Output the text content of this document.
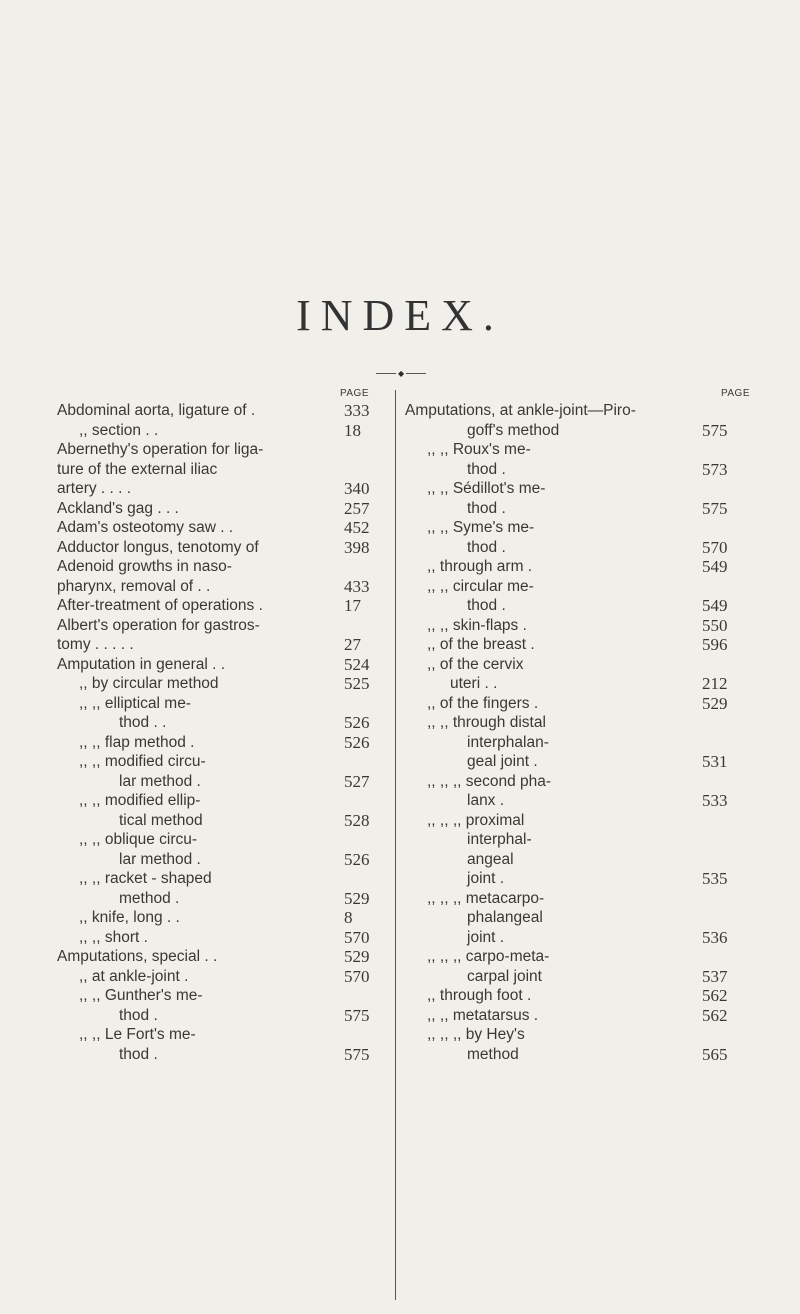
INDEX.
◆
PAGE
Abdominal aorta, ligature of .	333
,, section . .	18
Abernethy's operation for liga-
ture of the external iliac
artery . . . .	340
Ackland's gag . . .	257
Adam's osteotomy saw . .	452
Adductor longus, tenotomy of	398
Adenoid growths in naso-
pharynx, removal of . .	433
After-treatment of operations .	17
Albert's operation for gastros-
tomy . . . . .	27
Amputation in general . .	524
,, by circular method	525
,, ,, elliptical me-
thod . .	526
,, ,, flap method .	526
,, ,, modified circu-
lar method .	527
,, ,, modified ellip-
tical method	528
,, ,, oblique circu-
lar method .	526
,, ,, racket - shaped
method .	529
,, knife, long . .	8
,, ,, short .	570
Amputations, special . .	529
,, at ankle-joint .	570
,, ,, Gunther's me-
thod .	575
,, ,, Le Fort's me-
thod .	575
PAGE
Amputations, at ankle-joint—Piro-
goff's method	575
,, ,, Roux's me-
thod .	573
,, ,, Sédillot's me-
thod .	575
,, ,, Syme's me-
thod .	570
,, through arm .	549
,, ,, circular me-
thod .	549
,, ,, skin-flaps .	550
,, of the breast .	596
,, of the cervix
uteri . .	212
,, of the fingers .	529
,, ,, through distal
interphalan-
geal joint .	531
,, ,, ,, second pha-
lanx .	533
,, ,, ,, proximal
interphal-
angeal
joint .	535
,, ,, ,, metacarpo-
phalangeal
joint .	536
,, ,, ,, carpo-meta-
carpal joint	537
,, through foot .	562
,, ,, metatarsus .	562
,, ,, ,, by Hey's
method	565
